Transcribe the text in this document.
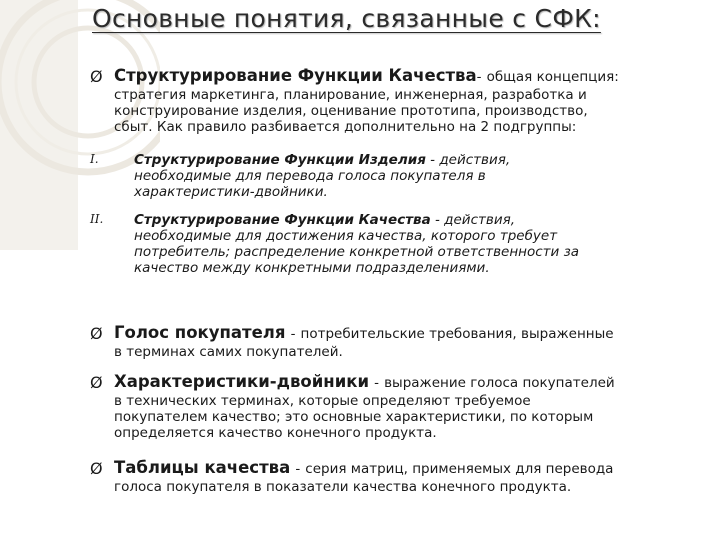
Основные понятия, связанные с СФК:
Ø Структурирование Функции Качества- общая концепция:
стратегия маркетинга, планирование, инженерная, разработка и
конструирование изделия, оценивание прототипа, производство,
сбыт. Как правило разбивается дополнительно на 2 подгруппы:
I.	Структурирование Функции Изделия - действия,
необходимые для перевода голоса покупателя в
характеристики-двойники.
II. Структурирование Функции Качества - действия,
необходимые для достижения качества, которого требует
потребитель; распределение конкретной ответственности за
качество между конкретными подразделениями.
Ø Голос покупателя - потребительские требования, выраженные
в терминах самих покупателей.
Ø Характеристики-двойники - выражение голоса покупателей
в технических терминах, которые определяют требуемое
покупателем качество; это основные характеристики, по которым
определяется качество конечного продукта.
Ø Таблицы качества - серия матриц, применяемых для перевода
голоса покупателя в показатели качества конечного продукта.
